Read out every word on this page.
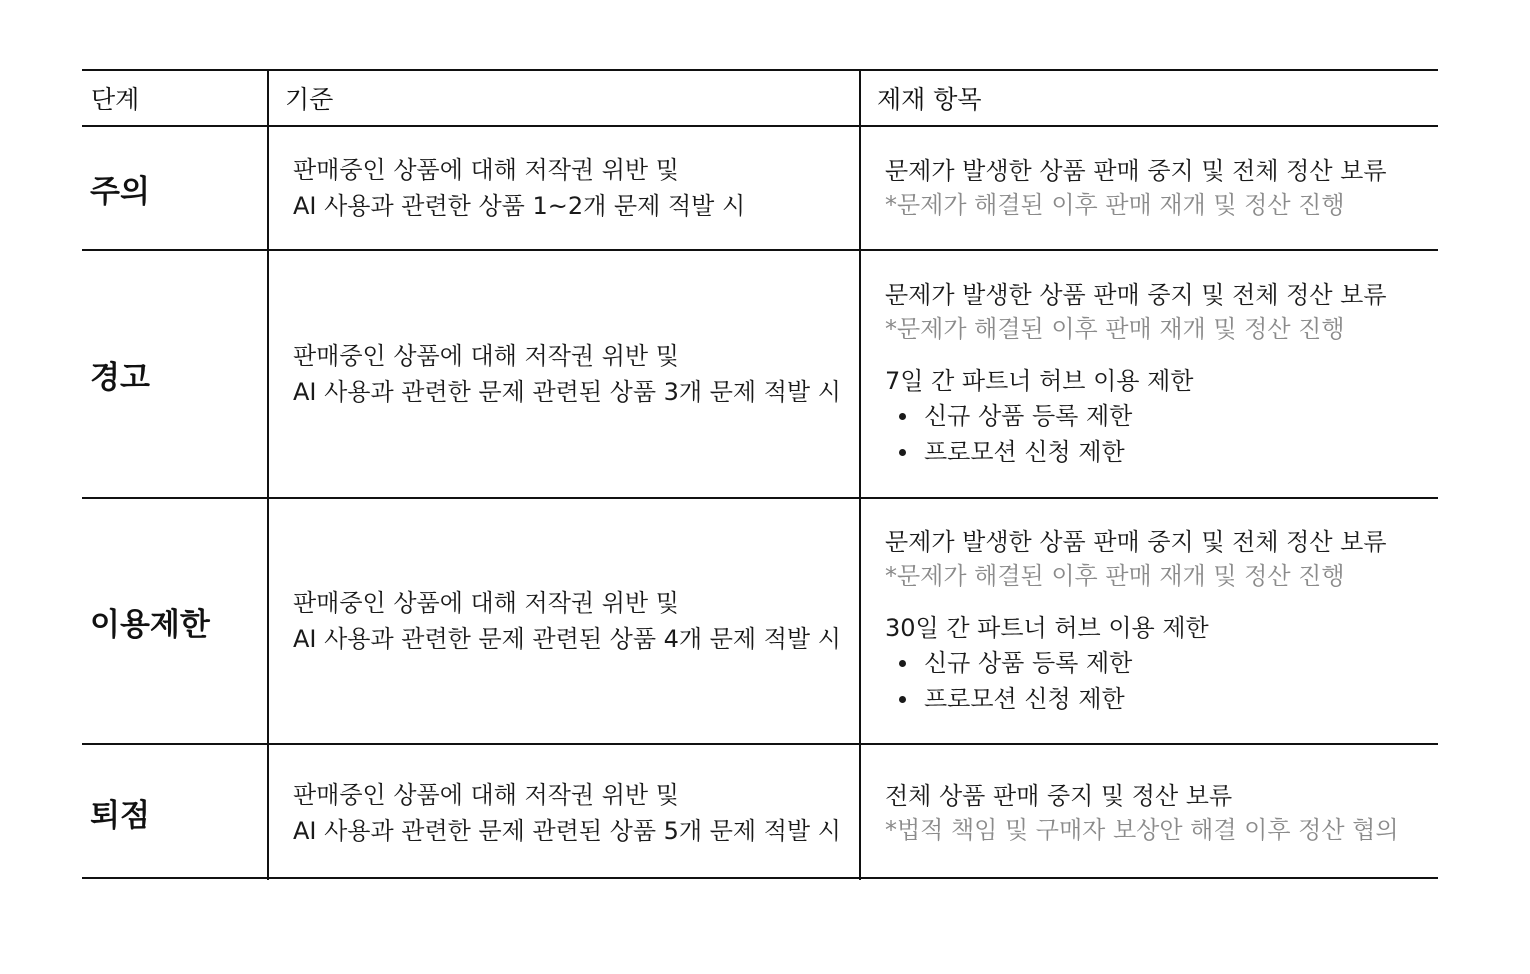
단계	기준	제재 항목
주의
판매중인 상품에 대해 저작권 위반 및
AI 사용과 관련한 상품 1~2개 문제 적발 시
문제가 발생한 상품 판매 중지 및 전체 정산 보류
*문제가 해결된 이후 판매 재개 및 정산 진행
경고
판매중인 상품에 대해 저작권 위반 및
AI 사용과 관련한 문제 관련된 상품 3개 문제 적발 시
문제가 발생한 상품 판매 중지 및 전체 정산 보류
*문제가 해결된 이후 판매 재개 및 정산 진행
7일 간 파트너 허브 이용 제한
신규 상품 등록 제한
프로모션 신청 제한
이용제한
판매중인 상품에 대해 저작권 위반 및
AI 사용과 관련한 문제 관련된 상품 4개 문제 적발 시
문제가 발생한 상품 판매 중지 및 전체 정산 보류
*문제가 해결된 이후 판매 재개 및 정산 진행
30일 간 파트너 허브 이용 제한
신규 상품 등록 제한
프로모션 신청 제한
퇴점
판매중인 상품에 대해 저작권 위반 및
AI 사용과 관련한 문제 관련된 상품 5개 문제 적발 시
전체 상품 판매 중지 및 정산 보류
*법적 책임 및 구매자 보상안 해결 이후 정산 협의
